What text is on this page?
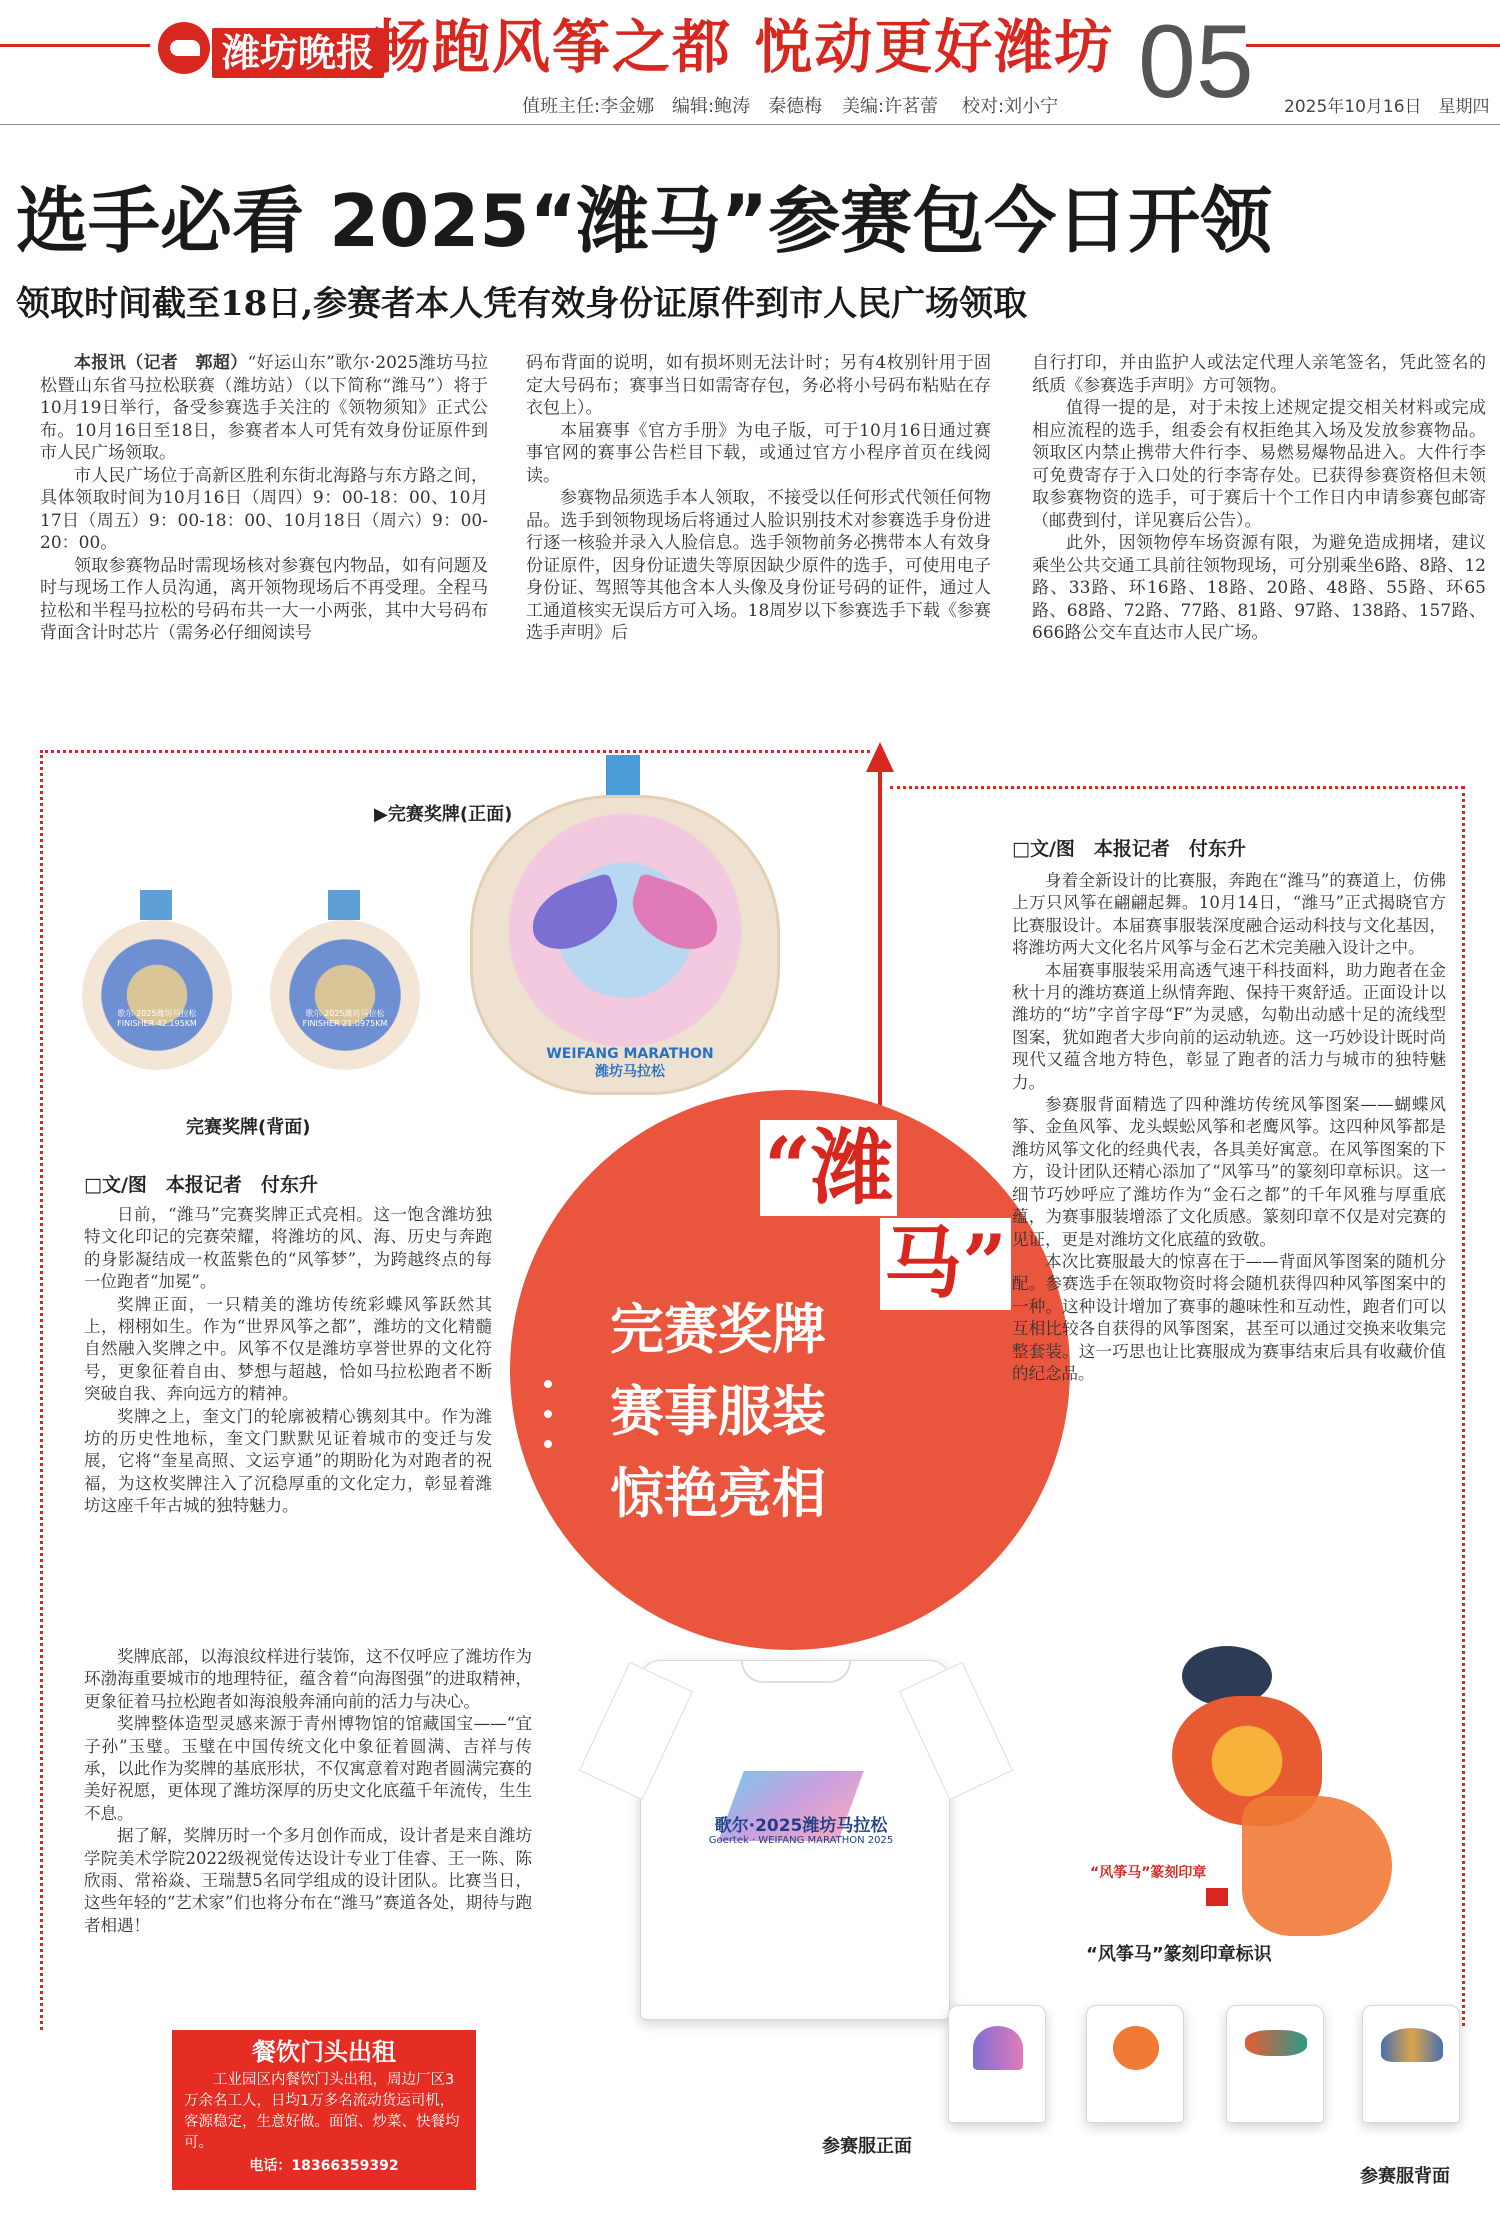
潍坊晚报
畅跑风筝之都 悦动更好潍坊 05
值班主任:李金娜 编辑:鲍涛　秦德梅 美编:许茗蕾 校对:刘小宁	2025年10月16日　星期四
选手必看 2025“潍马”参赛包今日开领
领取时间截至18日,参赛者本人凭有效身份证原件到市人民广场领取

本报讯（记者　郭超）“好运山东”歌尔·2025潍坊马拉松暨山东省马拉松联赛（潍坊站）（以下简称“潍马”）将于10月19日举行，备受参赛选手关注的《领物须知》正式公布。10月16日至18日，参赛者本人可凭有效身份证原件到市人民广场领取。

市人民广场位于高新区胜利东街北海路与东方路之间，具体领取时间为10月16日（周四）9：00-18：00、10月17日（周五）9：00-18：00、10月18日（周六）9：00-20：00。

领取参赛物品时需现场核对参赛包内物品，如有问题及时与现场工作人员沟通，离开领物现场后不再受理。全程马拉松和半程马拉松的号码布共一大一小两张，其中大号码布背面含计时芯片（需务必仔细阅读号

码布背面的说明，如有损坏则无法计时；另有4枚别针用于固定大号码布；赛事当日如需寄存包，务必将小号码布粘贴在存衣包上）。

本届赛事《官方手册》为电子版，可于10月16日通过赛事官网的赛事公告栏目下载，或通过官方小程序首页在线阅读。

参赛物品须选手本人领取，不接受以任何形式代领任何物品。选手到领物现场后将通过人脸识别技术对参赛选手身份进行逐一核验并录入人脸信息。选手领物前务必携带本人有效身份证原件，因身份证遗失等原因缺少原件的选手，可使用电子身份证、驾照等其他含本人头像及身份证号码的证件，通过人工通道核实无误后方可入场。18周岁以下参赛选手下载《参赛选手声明》后

自行打印，并由监护人或法定代理人亲笔签名，凭此签名的纸质《参赛选手声明》方可领物。

值得一提的是，对于未按上述规定提交相关材料或完成相应流程的选手，组委会有权拒绝其入场及发放参赛物品。领取区内禁止携带大件行李、易燃易爆物品进入。大件行李可免费寄存于入口处的行李寄存处。已获得参赛资格但未领取参赛物资的选手，可于赛后十个工作日内申请参赛包邮寄（邮费到付，详见赛后公告）。

此外，因领物停车场资源有限，为避免造成拥堵，建议乘坐公共交通工具前往领物现场，可分别乘坐6路、8路、12路、33路、环16路、18路、20路、48路、55路、环65路、68路、72路、77路、81路、97路、138路、157路、666路公交车直达市人民广场。

WEIFANG MARATHON 潍坊马拉松
▶完赛奖牌(正面)
歌尔·2025潍坊马拉松 FINISHER 42.195KM
歌尔·2025潍坊马拉松 FINISHER 21.0975KM
完赛奖牌(背面)
完赛奖牌
赛事服装
惊艳亮相
“潍
马”
□文/图　本报记者　付东升

日前，“潍马”完赛奖牌正式亮相。这一饱含潍坊独特文化印记的完赛荣耀，将潍坊的风、海、历史与奔跑的身影凝结成一枚蓝紫色的“风筝梦”，为跨越终点的每一位跑者“加冕”。

奖牌正面，一只精美的潍坊传统彩蝶风筝跃然其上，栩栩如生。作为“世界风筝之都”，潍坊的文化精髓自然融入奖牌之中。风筝不仅是潍坊享誉世界的文化符号，更象征着自由、梦想与超越，恰如马拉松跑者不断突破自我、奔向远方的精神。

奖牌之上，奎文门的轮廓被精心镌刻其中。作为潍坊的历史性地标，奎文门默默见证着城市的变迁与发展，它将“奎星高照、文运亨通”的期盼化为对跑者的祝福，为这枚奖牌注入了沉稳厚重的文化定力，彰显着潍坊这座千年古城的独特魅力。

奖牌底部，以海浪纹样进行装饰，这不仅呼应了潍坊作为环渤海重要城市的地理特征，蕴含着“向海图强”的进取精神，更象征着马拉松跑者如海浪般奔涌向前的活力与决心。

奖牌整体造型灵感来源于青州博物馆的馆藏国宝——“宜子孙”玉璧。玉璧在中国传统文化中象征着圆满、吉祥与传承，以此作为奖牌的基底形状，不仅寓意着对跑者圆满完赛的美好祝愿，更体现了潍坊深厚的历史文化底蕴千年流传，生生不息。

据了解，奖牌历时一个多月创作而成，设计者是来自潍坊学院美术学院2022级视觉传达设计专业丁佳睿、王一陈、陈欣雨、常裕焱、王瑞慧5名同学组成的设计团队。比赛当日，这些年轻的“艺术家”们也将分布在“潍马”赛道各处，期待与跑者相遇！

□文/图　本报记者　付东升

身着全新设计的比赛服，奔跑在“潍马”的赛道上，仿佛上万只风筝在翩翩起舞。10月14日，“潍马”正式揭晓官方比赛服设计。本届赛事服装深度融合运动科技与文化基因，将潍坊两大文化名片风筝与金石艺术完美融入设计之中。

本届赛事服装采用高透气速干科技面料，助力跑者在金秋十月的潍坊赛道上纵情奔跑、保持干爽舒适。正面设计以潍坊的“坊”字首字母“F”为灵感，勾勒出动感十足的流线型图案，犹如跑者大步向前的运动轨迹。这一巧妙设计既时尚现代又蕴含地方特色，彰显了跑者的活力与城市的独特魅力。

参赛服背面精选了四种潍坊传统风筝图案——蝴蝶风筝、金鱼风筝、龙头蜈蚣风筝和老鹰风筝。这四种风筝都是潍坊风筝文化的经典代表，各具美好寓意。在风筝图案的下方，设计团队还精心添加了“风筝马”的篆刻印章标识。这一细节巧妙呼应了潍坊作为“金石之都”的千年风雅与厚重底蕴，为赛事服装增添了文化质感。篆刻印章不仅是对完赛的见证，更是对潍坊文化底蕴的致敬。

本次比赛服最大的惊喜在于——背面风筝图案的随机分配。参赛选手在领取物资时将会随机获得四种风筝图案中的一种。这种设计增加了赛事的趣味性和互动性，跑者们可以互相比较各自获得的风筝图案，甚至可以通过交换来收集完整套装。这一巧思也让比赛服成为赛事结束后具有收藏价值的纪念品。

歌尔·2025潍坊马拉松
Goertek · WEIFANG MARATHON 2025
参赛服正面
“风筝马”篆刻印章
“风筝马”篆刻印章标识
参赛服背面
餐饮门头出租
工业园区内餐饮门头出租，周边厂区3万余名工人，日均1万多名流动货运司机，客源稳定，生意好做。面馆、炒菜、快餐均可。
电话：18366359392
